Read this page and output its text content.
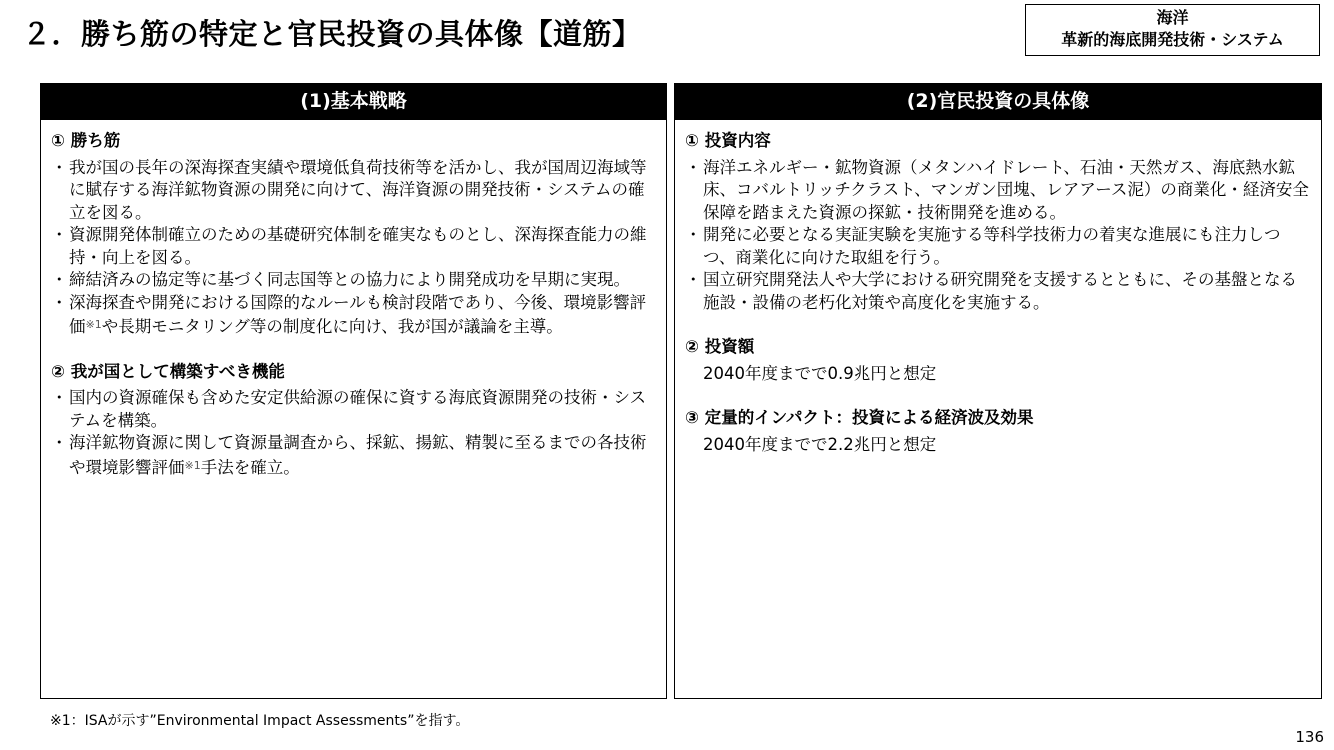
２．勝ち筋の特定と官民投資の具体像【道筋】	海洋
革新的海底開発技術・システム
(1)基本戦略

① 勝ち筋

・ 我が国の長年の深海探査実績や環境低負荷技術等を活かし、我が国周辺海域等に賦存する海洋鉱物資源の開発に向けて、海洋資源の開発技術・システムの確立を図る。
・ 資源開発体制確立のための基礎研究体制を確実なものとし、深海探査能力の維持・向上を図る。
・ 締結済みの協定等に基づく同志国等との協力により開発成功を早期に実現。
・ 深海探査や開発における国際的なルールも検討段階であり、今後、環境影響評価$^{※1}$や長期モニタリング等の制度化に向け、我が国が議論を主導。

② 我が国として構築すべき機能

・ 国内の資源確保も含めた安定供給源の確保に資する海底資源開発の技術・システムを構築。
・ 海洋鉱物資源に関して資源量調査から、採鉱、揚鉱、精製に至るまでの各技術や環境影響評価$^{※1}$手法を確立。
(2)官民投資の具体像

① 投資内容

・ 海洋エネルギー・鉱物資源（メタンハイドレート、石油・天然ガス、海底熱水鉱床、コバルトリッチクラスト、マンガン団塊、レアアース泥）の商業化・経済安全保障を踏まえた資源の探鉱・技術開発を進める。
・ 開発に必要となる実証実験を実施する等科学技術力の着実な進展にも注力しつつ、商業化に向けた取組を行う。
・ 国立研究開発法人や大学における研究開発を支援するとともに、その基盤となる施設・設備の老朽化対策や高度化を実施する。

② 投資額

2040年度までで0.9兆円と想定

③ 定量的インパクト：投資による経済波及効果

2040年度までで2.2兆円と想定
※1：ISAが示す”Environmental Impact Assessments”を指す。
136
